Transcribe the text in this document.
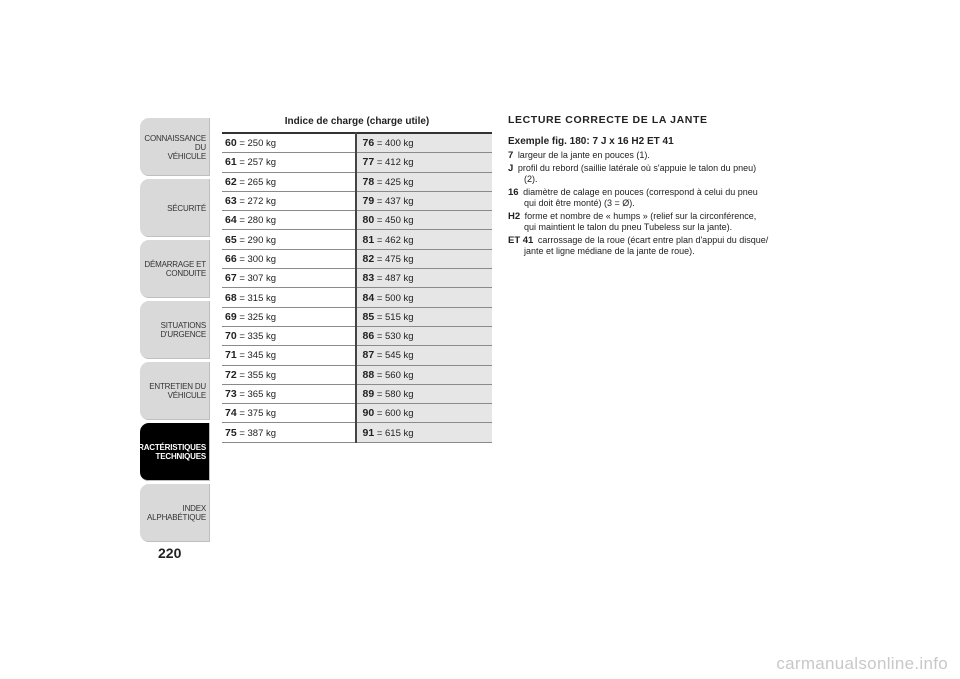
CONNAISSANCE DU
VÉHICULE
SÉCURITÉ
DÉMARRAGE ET
CONDUITE
SITUATIONS
D'URGENCE
ENTRETIEN DU
VÉHICULE
CARACTÉRISTIQUES
TECHNIQUES
INDEX
ALPHABÉTIQUE
220
Indice de charge (charge utile)
60 = 250 kg	76 = 400 kg
61 = 257 kg	77 = 412 kg
62 = 265 kg	78 = 425 kg
63 = 272 kg	79 = 437 kg
64 = 280 kg	80 = 450 kg
65 = 290 kg	81 = 462 kg
66 = 300 kg	82 = 475 kg
67 = 307 kg	83 = 487 kg
68 = 315 kg	84 = 500 kg
69 = 325 kg	85 = 515 kg
70 = 335 kg	86 = 530 kg
71 = 345 kg	87 = 545 kg
72 = 355 kg	88 = 560 kg
73 = 365 kg	89 = 580 kg
74 = 375 kg	90 = 600 kg
75 = 387 kg	91 = 615 kg
LECTURE CORRECTE DE LA JANTE
Exemple fig. 180: 7 J x 16 H2 ET 41
7 largeur de la jante en pouces (1).
J profil du rebord (saillie latérale où s'appuie le talon du pneu) (2).
16 diamètre de calage en pouces (correspond à celui du pneu qui doit être monté) (3 = Ø).
H2 forme et nombre de « humps » (relief sur la circonférence, qui maintient le talon du pneu Tubeless sur la jante).
ET 41 carrossage de la roue (écart entre plan d'appui du disque/ jante et ligne médiane de la jante de roue).
carmanualsonline.info
